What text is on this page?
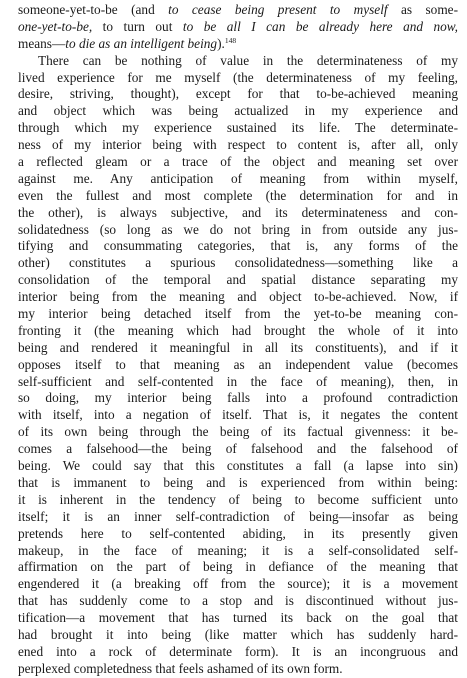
someone-yet-to-be (and to cease being present to myself as some-
one-yet-to-be, to turn out to be all I can be already here and now,
means—to die as an intelligent being).$^{148}$
There can be nothing of value in the determinateness of my
lived experience for me myself (the determinateness of my feeling,
desire, striving, thought), except for that to-be-achieved meaning
and object which was being actualized in my experience and
through which my experience sustained its life. The determinate-
ness of my interior being with respect to content is, after all, only
a reflected gleam or a trace of the object and meaning set over
against me. Any anticipation of meaning from within myself,
even the fullest and most complete (the determination for and in
the other), is always subjective, and its determinateness and con-
solidatedness (so long as we do not bring in from outside any jus-
tifying and consummating categories, that is, any forms of the
other) constitutes a spurious consolidatedness—something like a
consolidation of the temporal and spatial distance separating my
interior being from the meaning and object to-be-achieved. Now, if
my interior being detached itself from the yet-to-be meaning con-
fronting it (the meaning which had brought the whole of it into
being and rendered it meaningful in all its constituents), and if it
opposes itself to that meaning as an independent value (becomes
self-sufficient and self-contented in the face of meaning), then, in
so doing, my interior being falls into a profound contradiction
with itself, into a negation of itself. That is, it negates the content
of its own being through the being of its factual givenness: it be-
comes a falsehood—the being of falsehood and the falsehood of
being. We could say that this constitutes a fall (a lapse into sin)
that is immanent to being and is experienced from within being:
it is inherent in the tendency of being to become sufficient unto
itself; it is an inner self-contradiction of being—insofar as being
pretends here to self-contented abiding, in its presently given
makeup, in the face of meaning; it is a self-consolidated self-
affirmation on the part of being in defiance of the meaning that
engendered it (a breaking off from the source); it is a movement
that has suddenly come to a stop and is discontinued without jus-
tification—a movement that has turned its back on the goal that
had brought it into being (like matter which has suddenly hard-
ened into a rock of determinate form). It is an incongruous and
perplexed completedness that feels ashamed of its own form.
